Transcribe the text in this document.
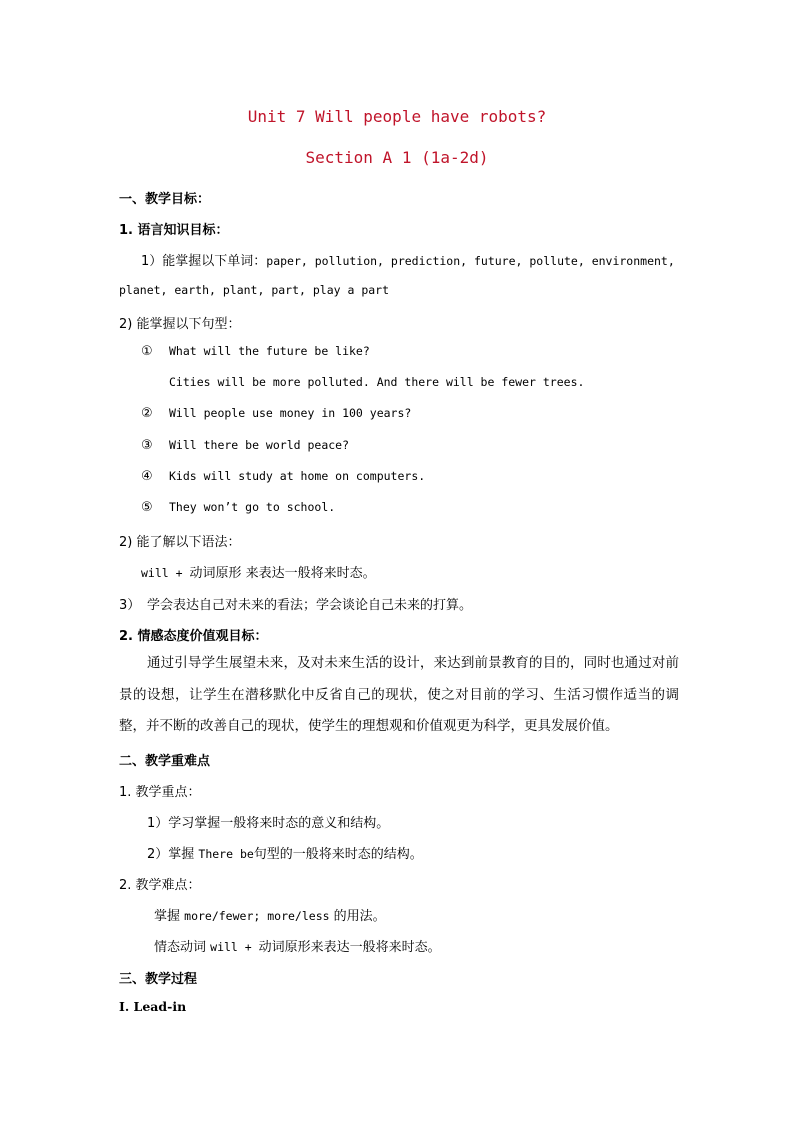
Unit 7 Will people have robots?
Section A 1 (1a-2d)
一、教学目标：
1. 语言知识目标：
1）能掌握以下单词：paper, pollution, prediction, future, pollute, environment,
planet, earth, plant, part, play a part
2) 能掌握以下句型：
① What will the future be like?
Cities will be more polluted. And there will be fewer trees.
② Will people use money in 100 years?
③ Will there be world peace?
④ Kids will study at home on computers.
⑤ They won’t go to school.
2) 能了解以下语法：
will + 动词原形 来表达一般将来时态。
3） 学会表达自己对未来的看法；学会谈论自己未来的打算。
2. 情感态度价值观目标：
通过引导学生展望未来，及对未来生活的设计，来达到前景教育的目的，同时也通过对前景的设想，让学生在潜移默化中反省自己的现状，使之对目前的学习、生活习惯作适当的调整，并不断的改善自己的现状，使学生的理想观和价值观更为科学，更具发展价值。
二、教学重难点
1. 教学重点：
1）学习掌握一般将来时态的意义和结构。
2）掌握 There be句型的一般将来时态的结构。
2. 教学难点：
掌握 more/fewer; more/less 的用法。
情态动词 will + 动词原形来表达一般将来时态。
三、教学过程
Ⅰ. Lead-in
